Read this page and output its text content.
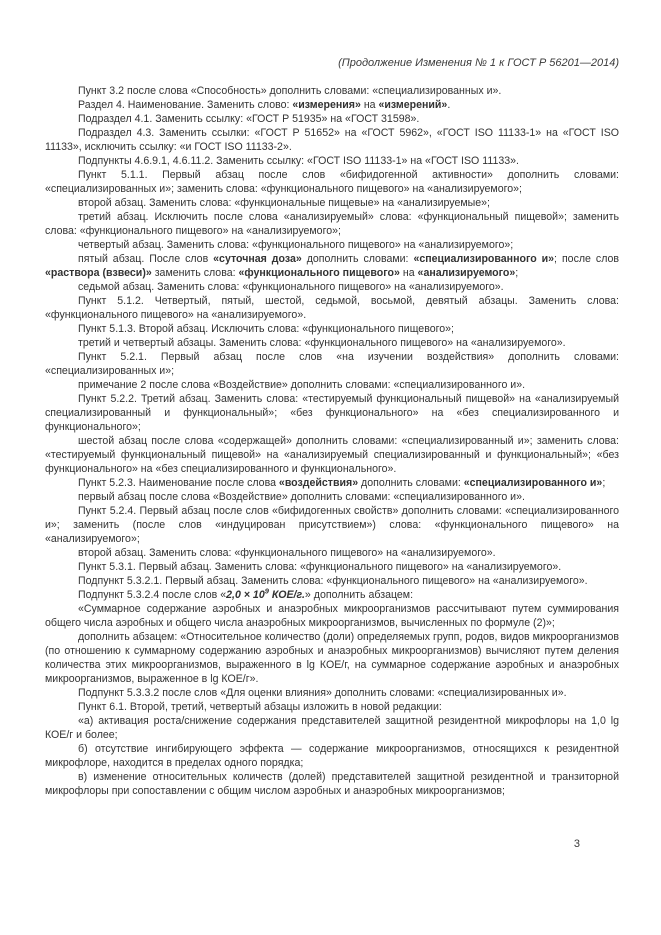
(Продолжение Изменения № 1 к ГОСТ Р 56201—2014)

Пункт 3.2 после слова «Способность» дополнить словами: «специализированных и».

Раздел 4. Наименование. Заменить слово: «измерения» на «измерений».

Подраздел 4.1. Заменить ссылку: «ГОСТ Р 51935» на «ГОСТ 31598».

Подраздел 4.3. Заменить ссылки: «ГОСТ Р 51652» на «ГОСТ 5962», «ГОСТ ISO 11133-1» на «ГОСТ ISO 11133», исключить ссылку: «и ГОСТ ISO 11133-2».

Подпункты 4.6.9.1, 4.6.11.2. Заменить ссылку: «ГОСТ ISO 11133-1» на «ГОСТ ISO 11133».

Пункт 5.1.1. Первый абзац после слов «бифидогенной активности» дополнить словами: «специализированных и»; заменить слова: «функционального пищевого» на «анализируемого»;

второй абзац. Заменить слова: «функциональные пищевые» на «анализируемые»;

третий абзац. Исключить после слова «анализируемый» слова: «функциональный пищевой»; заменить слова: «функционального пищевого» на «анализируемого»;

четвертый абзац. Заменить слова: «функционального пищевого» на «анализируемого»;

пятый абзац. После слов «суточная доза» дополнить словами: «специализированного и»; после слов «раствора (взвеси)» заменить слова: «функционального пищевого» на «анализируемого»;

седьмой абзац. Заменить слова: «функционального пищевого» на «анализируемого».

Пункт 5.1.2. Четвертый, пятый, шестой, седьмой, восьмой, девятый абзацы. Заменить слова: «функционального пищевого» на «анализируемого».

Пункт 5.1.3. Второй абзац. Исключить слова: «функционального пищевого»;

третий и четвертый абзацы. Заменить слова: «функционального пищевого» на «анализируемого».

Пункт 5.2.1. Первый абзац после слов «на изучении воздействия» дополнить словами: «специализированных и»;

примечание 2 после слова «Воздействие» дополнить словами: «специализированного и».

Пункт 5.2.2. Третий абзац. Заменить слова: «тестируемый функциональный пищевой» на «анализируемый специализированный и функциональный»; «без функционального» на «без специализированного и функционального»;

шестой абзац после слова «содержащей» дополнить словами: «специализированный и»; заменить слова: «тестируемый функциональный пищевой» на «анализируемый специализированный и функциональный»; «без функционального» на «без специализированного и функционального».

Пункт 5.2.3. Наименование после слова «воздействия» дополнить словами: «специализированного и»;

первый абзац после слова «Воздействие» дополнить словами: «специализированного и».

Пункт 5.2.4. Первый абзац после слов «бифидогенных свойств» дополнить словами: «специализированного и»; заменить (после слов «индуцирован присутствием») слова: «функционального пищевого» на «анализируемого»;

второй абзац. Заменить слова: «функционального пищевого» на «анализируемого».

Пункт 5.3.1. Первый абзац. Заменить слова: «функционального пищевого» на «анализируемого».

Подпункт 5.3.2.1. Первый абзац. Заменить слова: «функционального пищевого» на «анализируемого».

Подпункт 5.3.2.4 после слов «$2,0 \times 10^9$ КОЕ/г.» дополнить абзацем:

«Суммарное содержание аэробных и анаэробных микроорганизмов рассчитывают путем суммирования общего числа аэробных и общего числа анаэробных микроорганизмов, вычисленных по формуле (2)»;

дополнить абзацем: «Относительное количество (доли) определяемых групп, родов, видов микроорганизмов (по отношению к суммарному содержанию аэробных и анаэробных микроорганизмов) вычисляют путем деления количества этих микроорганизмов, выраженного в lg КОЕ/г, на суммарное содержание аэробных и анаэробных микроорганизмов, выраженное в lg КОЕ/г».

Подпункт 5.3.3.2 после слов «Для оценки влияния» дополнить словами: «специализированных и».

Пункт 6.1. Второй, третий, четвертый абзацы изложить в новой редакции:

«а) активация роста/снижение содержания представителей защитной резидентной микрофлоры на 1,0 lg КОЕ/г и более;

б) отсутствие ингибирующего эффекта — содержание микроорганизмов, относящихся к резидентной микрофлоре, находится в пределах одного порядка;

в) изменение относительных количеств (долей) представителей защитной резидентной и транзиторной микрофлоры при сопоставлении с общим числом аэробных и анаэробных микроорганизмов;

3
